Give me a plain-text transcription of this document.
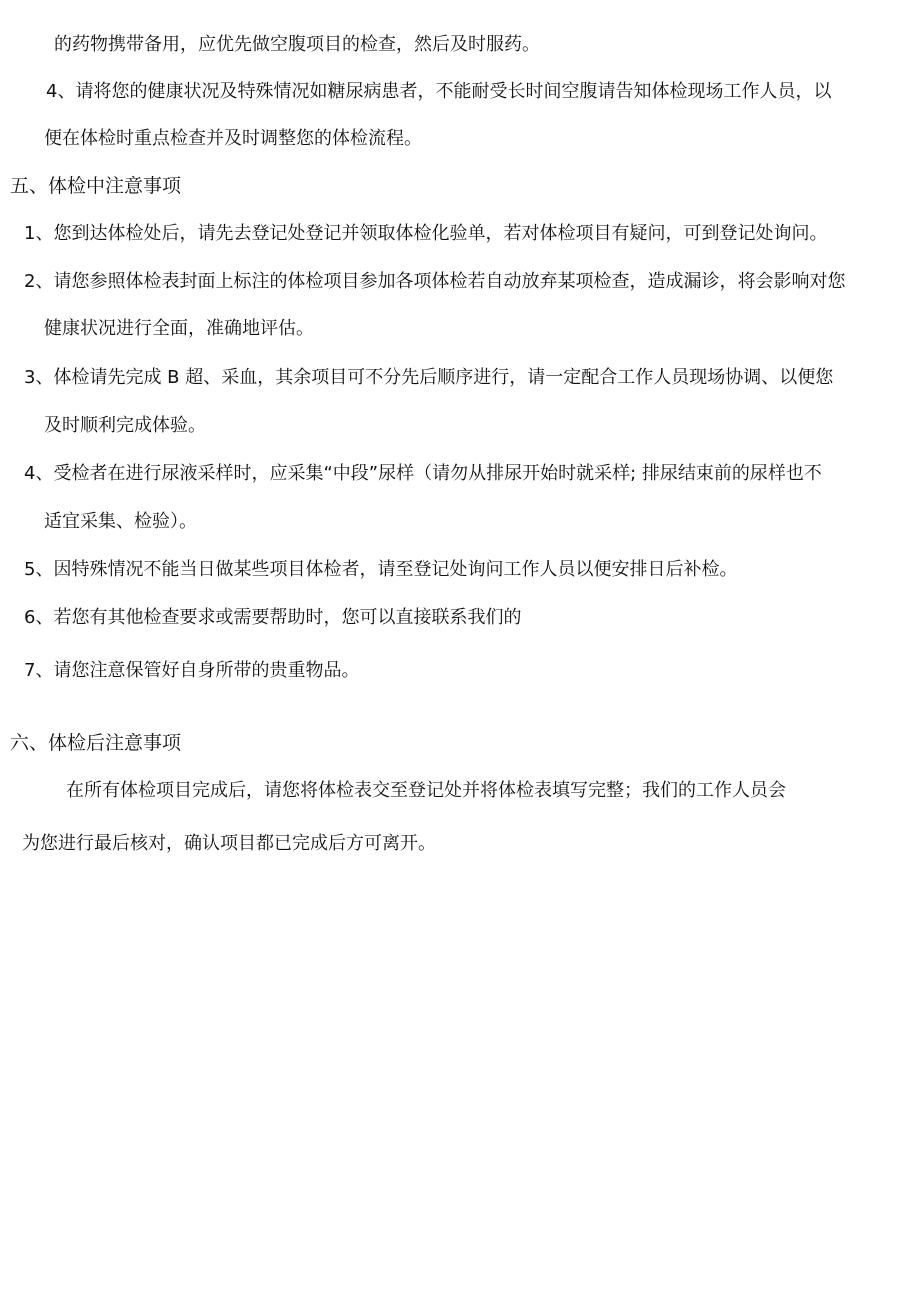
的药物携带备用，应优先做空腹项目的检查，然后及时服药。
4、请将您的健康状况及特殊情况如糖尿病患者，不能耐受长时间空腹请告知体检现场工作人员，以
便在体检时重点检查并及时调整您的体检流程。
五、体检中注意事项
1、您到达体检处后，请先去登记处登记并领取体检化验单，若对体检项目有疑问，可到登记处询问。
2、请您参照体检表封面上标注的体检项目参加各项体检若自动放弃某项检查，造成漏诊，将会影响对您
健康状况进行全面，准确地评估。
3、体检请先完成 B 超、采血，其余项目可不分先后顺序进行，请一定配合工作人员现场协调、以便您
及时顺利完成体验。
4、受检者在进行尿液采样时，应采集“中段”尿样（请勿从排尿开始时就采样; 排尿结束前的尿样也不
适宜采集、检验）。
5、因特殊情况不能当日做某些项目体检者，请至登记处询问工作人员以便安排日后补检。
6、若您有其他检查要求或需要帮助时，您可以直接联系我们的
7、请您注意保管好自身所带的贵重物品。
六、体检后注意事项
在所有体检项目完成后，请您将体检表交至登记处并将体检表填写完整；我们的工作人员会
为您进行最后核对，确认项目都已完成后方可离开。
